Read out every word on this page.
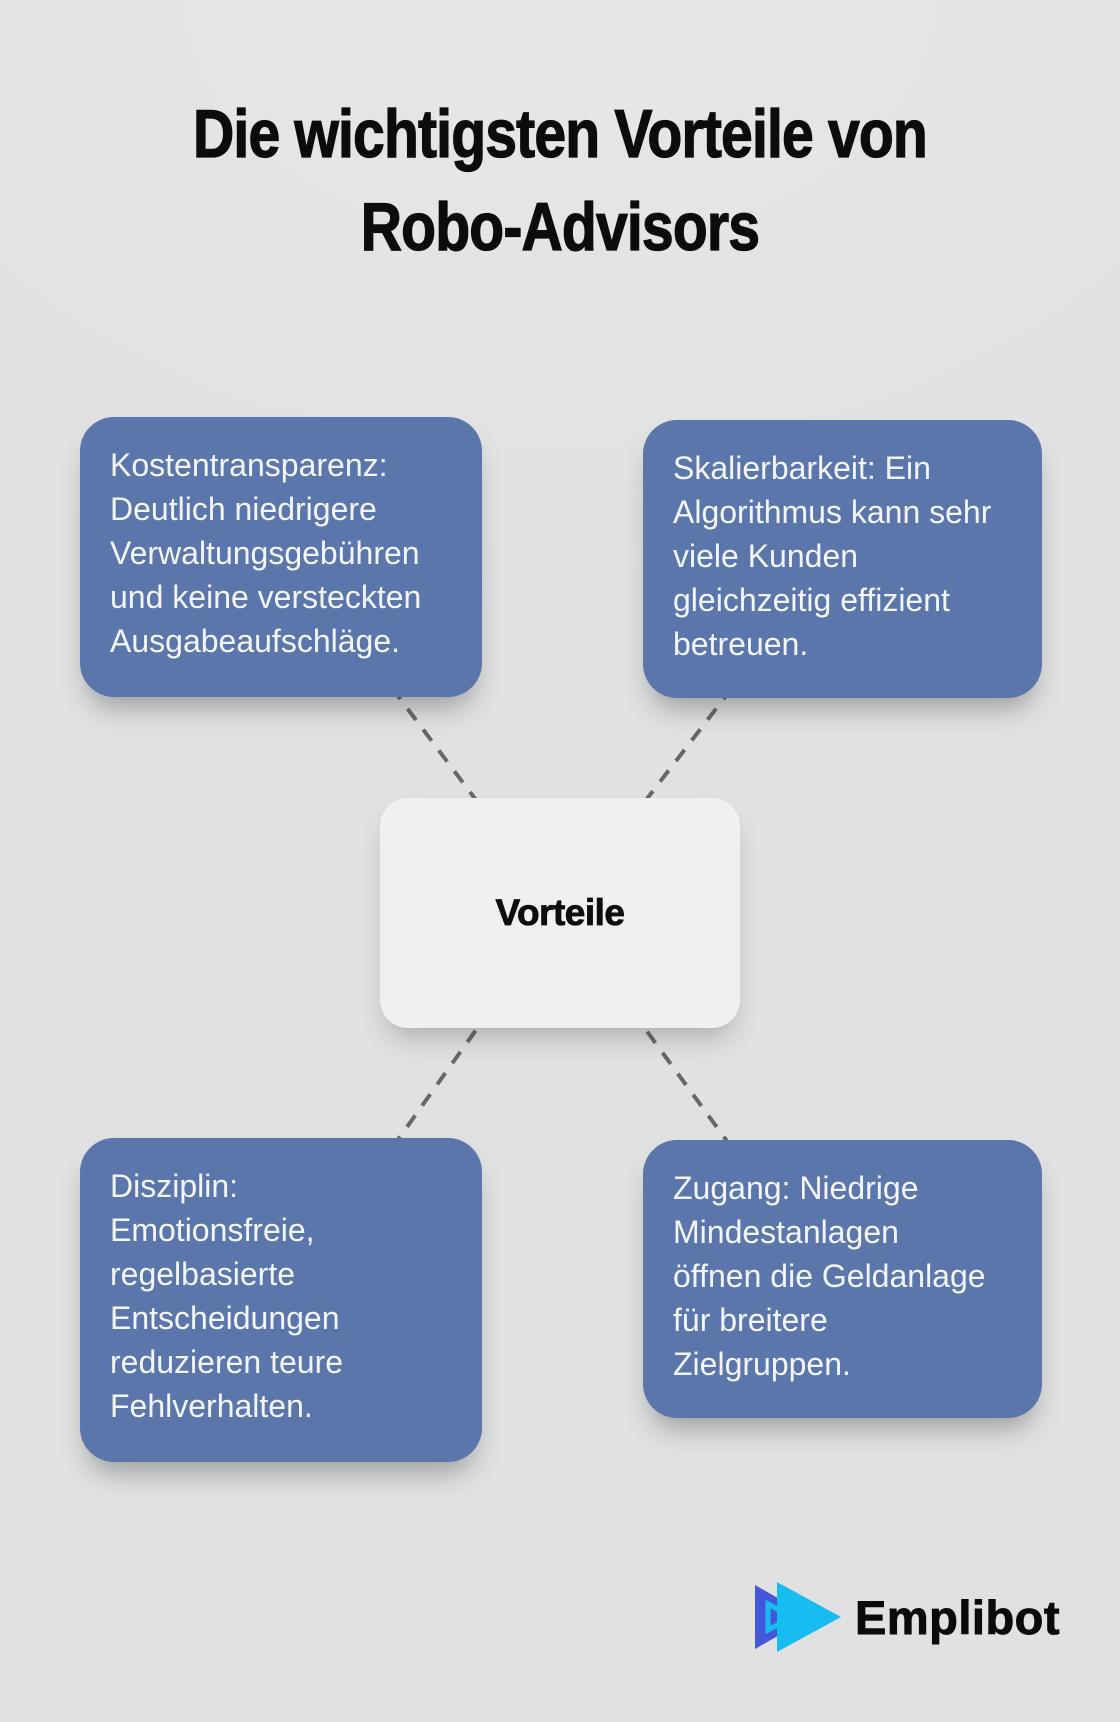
Die wichtigsten Vorteile von
Robo-Advisors

Kostentransparenz:
Deutlich niedrigere
Verwaltungsgebühren
und keine versteckten
Ausgabeaufschläge.

Skalierbarkeit: Ein
Algorithmus kann sehr
viele Kunden
gleichzeitig effizient
betreuen.

Disziplin:
Emotionsfreie,
regelbasierte
Entscheidungen
reduzieren teure
Fehlverhalten.

Zugang: Niedrige
Mindestanlagen
öffnen die Geldanlage
für breitere
Zielgruppen.

Vorteile
Emplibot
